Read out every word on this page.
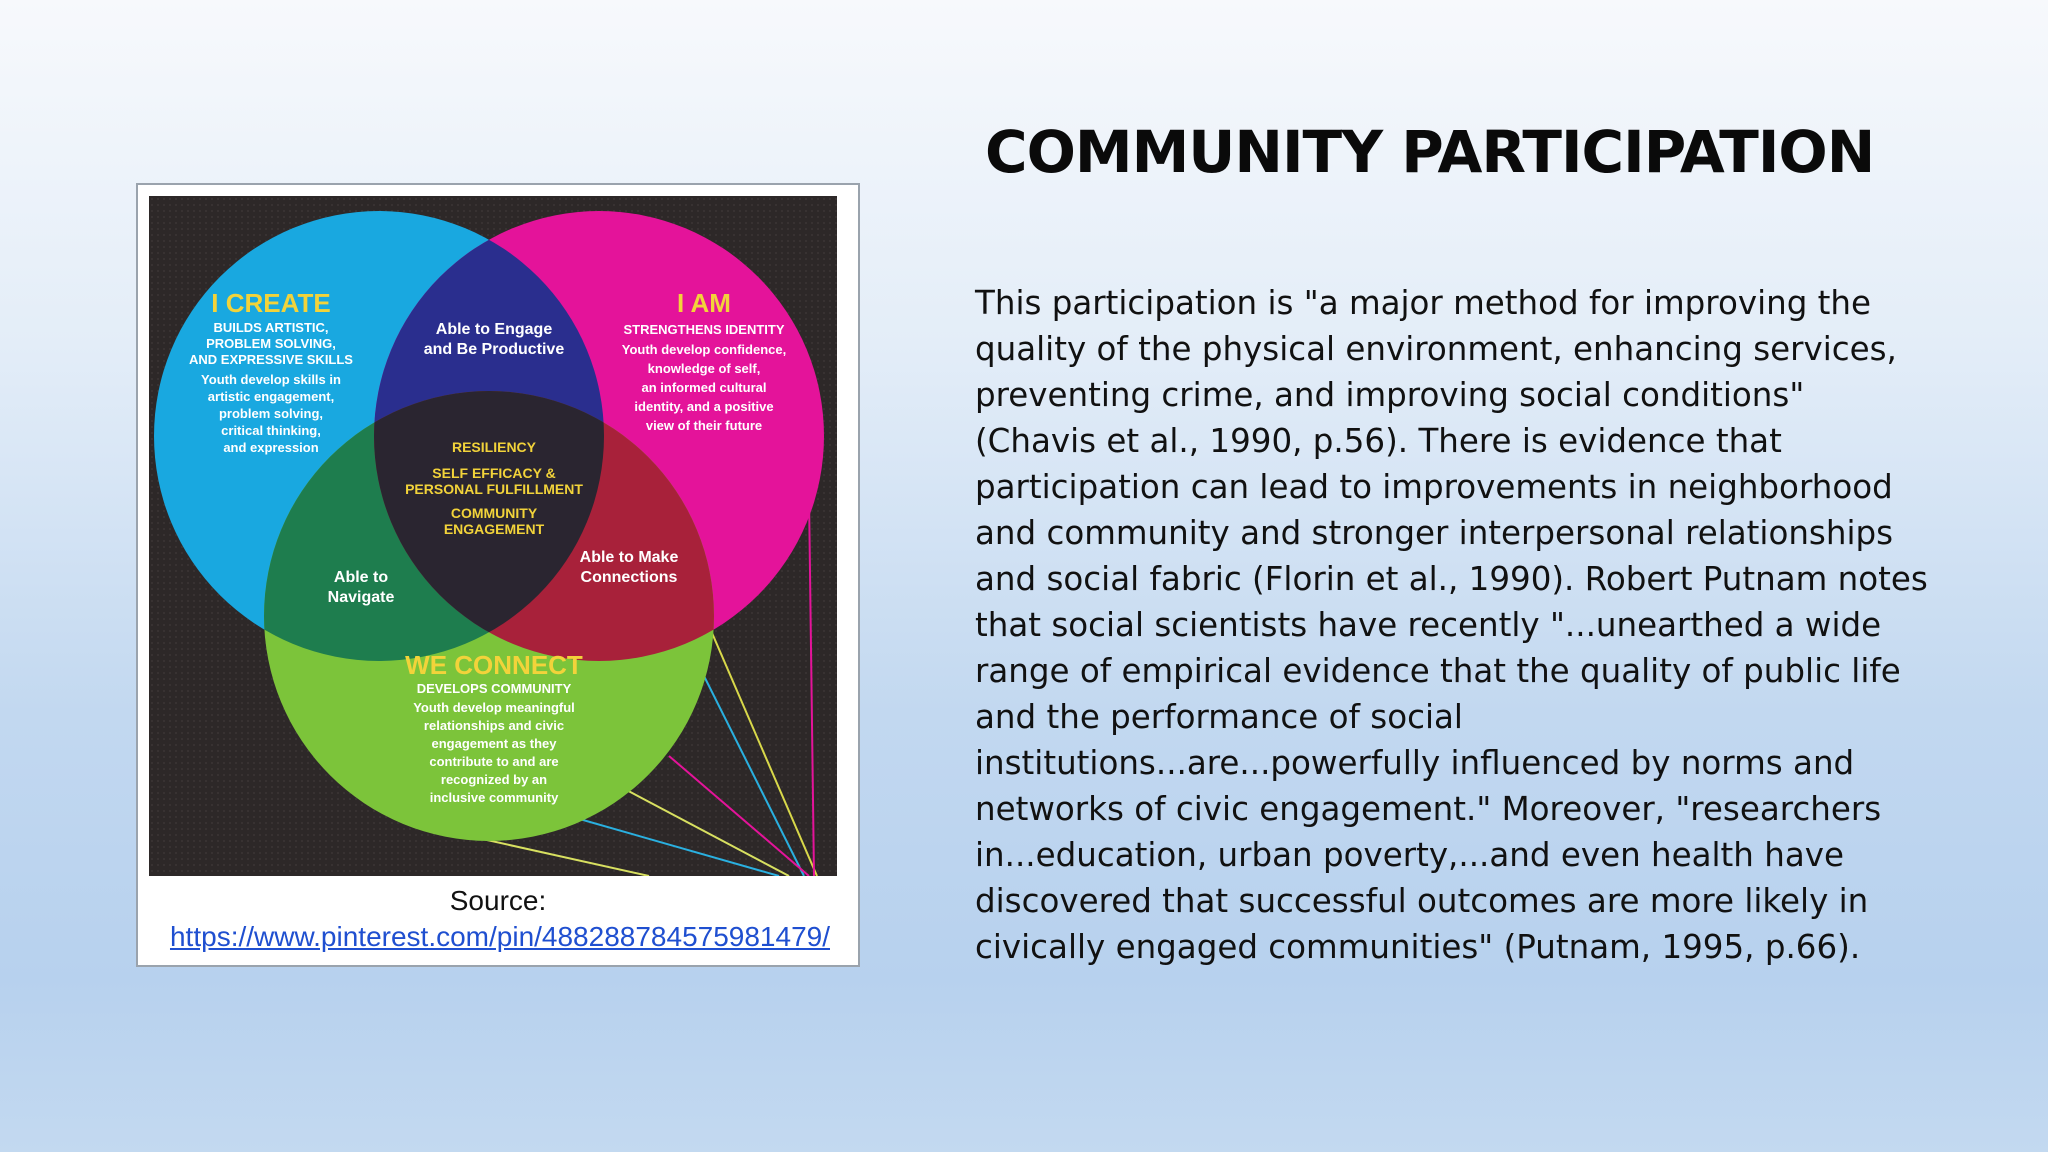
I CREATE
BUILDS ARTISTIC,
PROBLEM SOLVING,
AND EXPRESSIVE SKILLS
Youth develop skills in
artistic engagement,
problem solving,
critical thinking,
and expression
I AM
STRENGTHENS IDENTITY
Youth develop confidence,
knowledge of self,
an informed cultural
identity, and a positive
view of their future
Able to Engage
and Be Productive
RESILIENCY
SELF EFFICACY &
PERSONAL FULFILLMENT
COMMUNITY
ENGAGEMENT
Able to
Navigate
Able to Make
Connections
WE CONNECT
DEVELOPS COMMUNITY
Youth develop meaningful
relationships and civic
engagement as they
contribute to and are
recognized by an
inclusive community
Source:
https://www.pinterest.com/pin/488288784575981479/
COMMUNITY PARTICIPATION

This participation is "a major method for improving the

quality of the physical environment, enhancing services,

preventing crime, and improving social conditions"

(Chavis et al., 1990, p.56). There is evidence that

participation can lead to improvements in neighborhood

and community and stronger interpersonal relationships

and social fabric (Florin et al., 1990). Robert Putnam notes

that social scientists have recently "...unearthed a wide

range of empirical evidence that the quality of public life

and the performance of social

institutions...are...powerfully influenced by norms and

networks of civic engagement." Moreover, "researchers

in...education, urban poverty,...and even health have

discovered that successful outcomes are more likely in

civically engaged communities" (Putnam, 1995, p.66).
